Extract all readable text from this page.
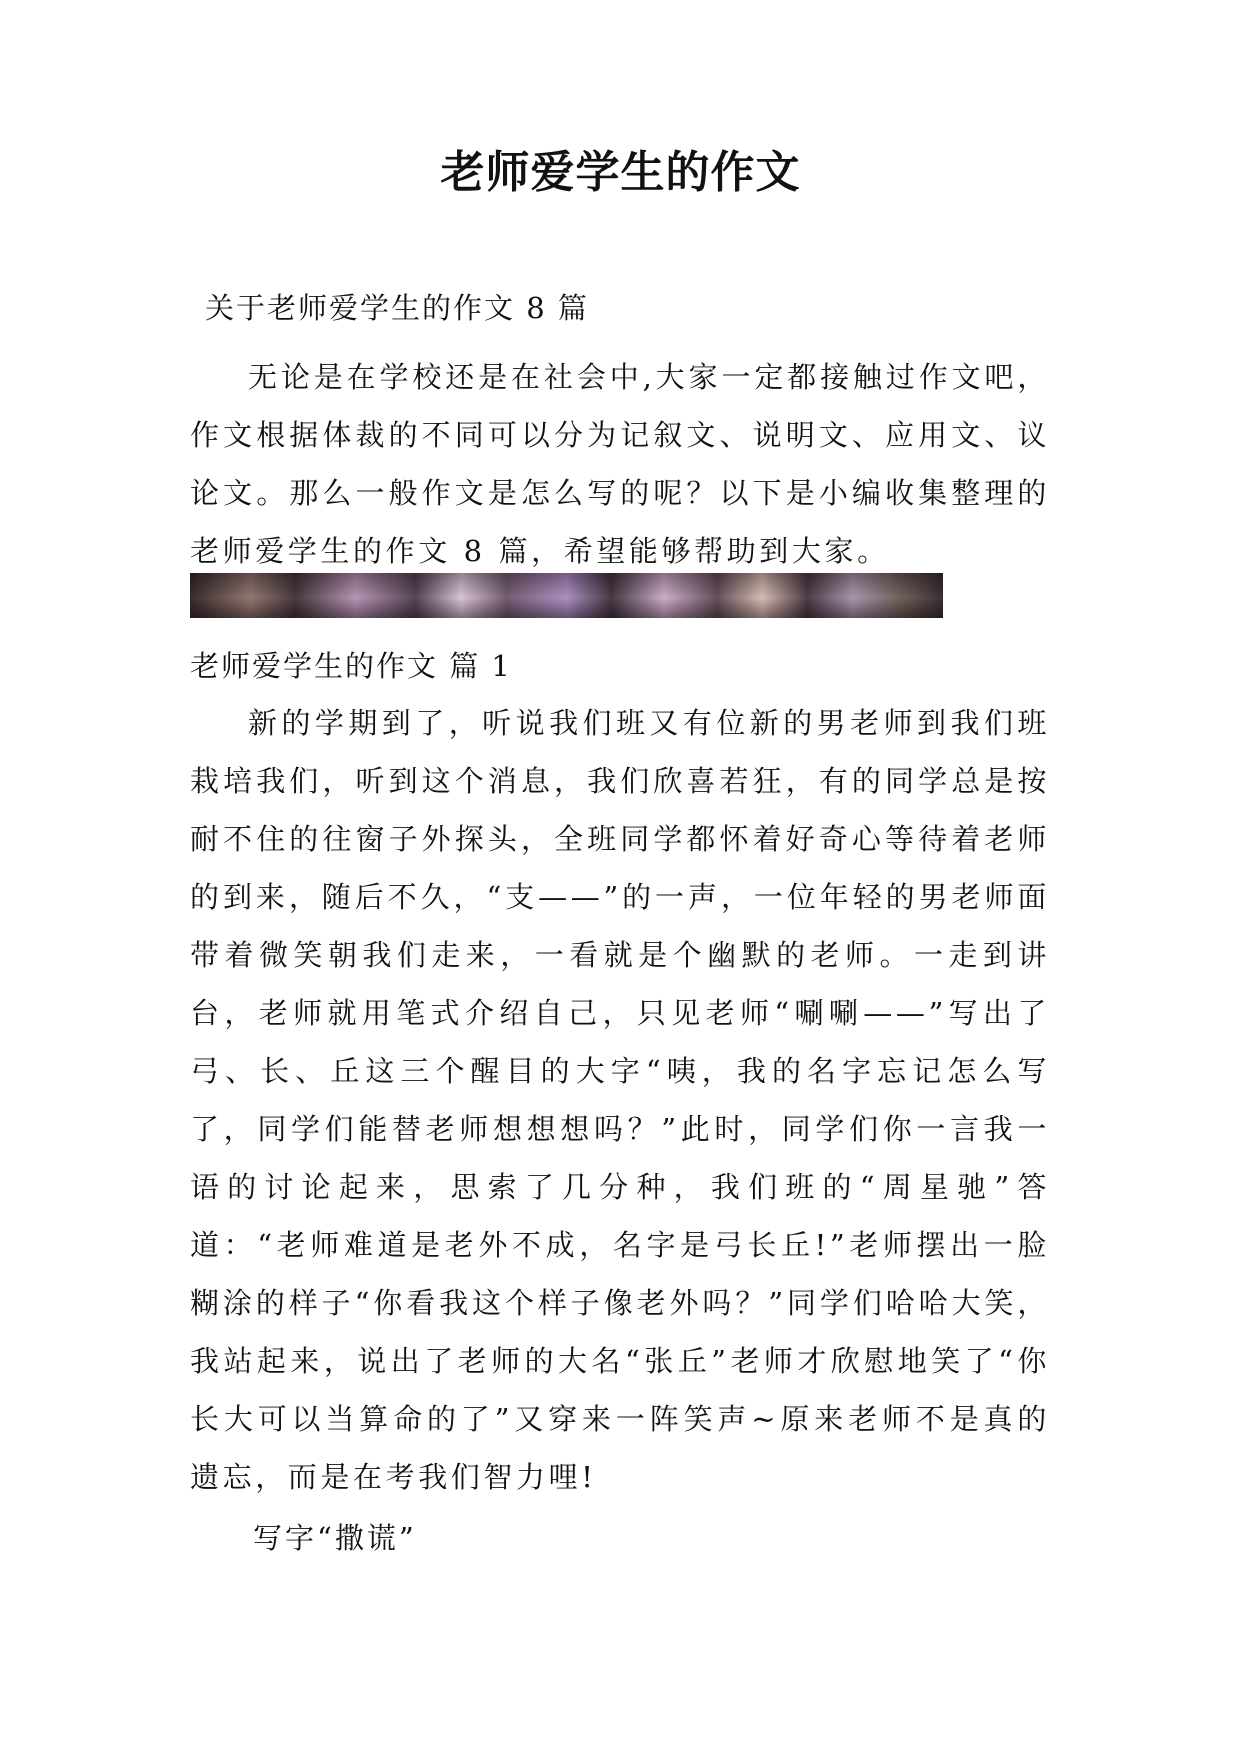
老师爱学生的作文

关于老师爱学生的作文 8 篇

无论是在学校还是在社会中,大家一定都接触过作文吧，作文根据体裁的不同可以分为记叙文、说明文、应用文、议论文。那么一般作文是怎么写的呢？以下是小编收集整理的老师爱学生的作文 8 篇，希望能够帮助到大家。

老师爱学生的作文 篇 1

新的学期到了，听说我们班又有位新的男老师到我们班栽培我们，听到这个消息，我们欣喜若狂，有的同学总是按耐不住的往窗子外探头，全班同学都怀着好奇心等待着老师的到来，随后不久，“支——”的一声，一位年轻的男老师面带着微笑朝我们走来，一看就是个幽默的老师。一走到讲台，老师就用笔式介绍自己，只见老师“唰唰——”写出了弓、长、丘这三个醒目的大字“咦，我的名字忘记怎么写了，同学们能替老师想想想吗？”此时，同学们你一言我一语的讨论起来，思索了几分种，我们班的“周星驰”答道：“老师难道是老外不成，名字是弓长丘!”老师摆出一脸糊涂的样子“你看我这个样子像老外吗？”同学们哈哈大笑，我站起来，说出了老师的大名“张丘”老师才欣慰地笑了“你长大可以当算命的了”又穿来一阵笑声~原来老师不是真的遗忘，而是在考我们智力哩!

写字“撒谎”
